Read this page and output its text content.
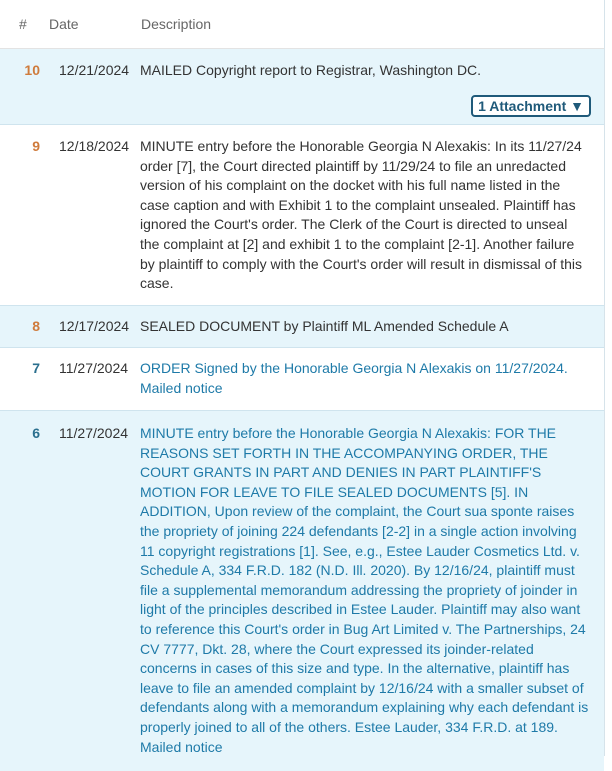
#	Date	Description
10	12/21/2024 MAILED Copyright report to Registrar, Washington DC.
1 Attachment ▼
9	12/18/2024 MINUTE entry before the Honorable Georgia N Alexakis: In its 11/27/24 order [7], the Court directed plaintiff by 11/29/24 to file an unredacted version of his complaint on the docket with his full name listed in the case caption and with Exhibit 1 to the complaint unsealed. Plaintiff has ignored the Court's order. The Clerk of the Court is directed to unseal the complaint at [2] and exhibit 1 to the complaint [2-1]. Another failure by plaintiff to comply with the Court's order will result in dismissal of this case.
8	12/17/2024 SEALED DOCUMENT by Plaintiff ML Amended Schedule A
7	11/27/2024 ORDER Signed by the Honorable Georgia N Alexakis on 11/27/2024. Mailed notice
6	11/27/2024 MINUTE entry before the Honorable Georgia N Alexakis: FOR THE REASONS SET FORTH IN THE ACCOMPANYING ORDER, THE COURT GRANTS IN PART AND DENIES IN PART PLAINTIFF'S MOTION FOR LEAVE TO FILE SEALED DOCUMENTS [5]. IN ADDITION, Upon review of the complaint, the Court sua sponte raises the propriety of joining 224 defendants [2-2] in a single action involving 11 copyright registrations [1]. See, e.g., Estee Lauder Cosmetics Ltd. v. Schedule A, 334 F.R.D. 182 (N.D. Ill. 2020). By 12/16/24, plaintiff must file a supplemental memorandum addressing the propriety of joinder in light of the principles described in Estee Lauder. Plaintiff may also want to reference this Court's order in Bug Art Limited v. The Partnerships, 24 CV 7777, Dkt. 28, where the Court expressed its joinder-related concerns in cases of this size and type. In the alternative, plaintiff has leave to file an amended complaint by 12/16/24 with a smaller subset of defendants along with a memorandum explaining why each defendant is properly joined to all of the others. Estee Lauder, 334 F.R.D. at 189. Mailed notice
